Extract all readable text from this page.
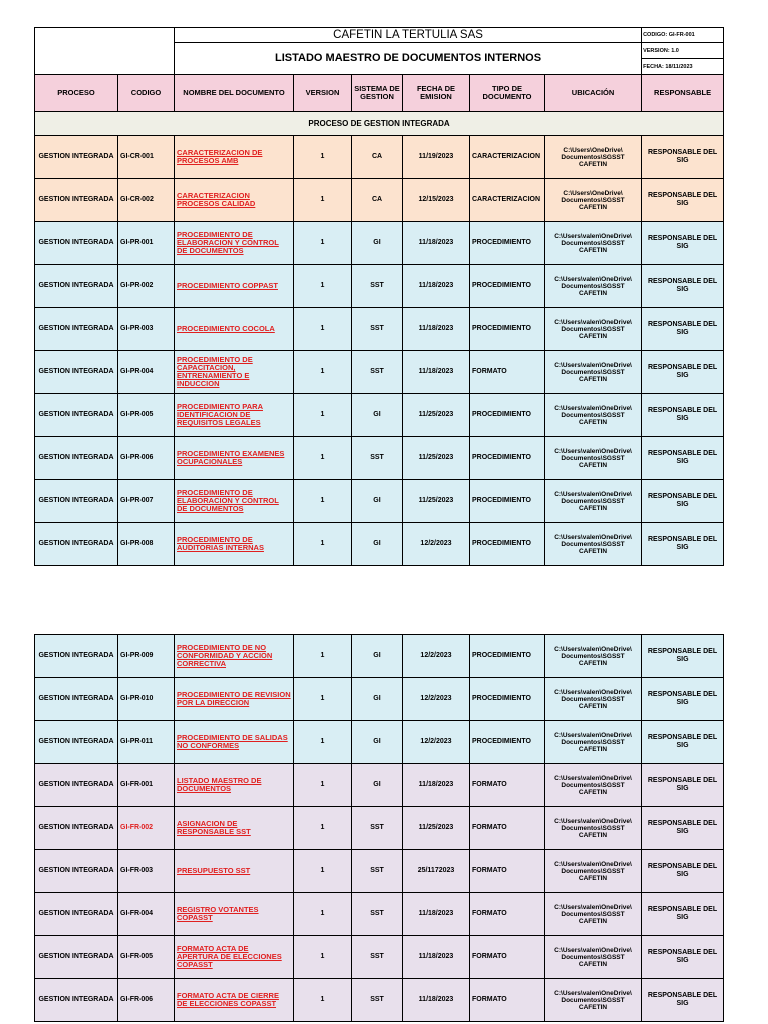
		CAFETIN LA TERTULIA SAS						CODIGO: GI-FR-001
		LISTADO MAESTRO DE DOCUMENTOS INTERNOS						VERSION: 1.0
								FECHA: 18/11/2023
PROCESO	CODIGO	NOMBRE DEL DOCUMENTO	VERSION	SISTEMA DE GESTION	FECHA DE EMISION	TIPO DE DOCUMENTO	UBICACIÓN	RESPONSABLE
PROCESO DE GESTION INTEGRADA								
GESTION INTEGRADA	GI-CR-001	CARACTERIZACION DE PROCESOS AMB	1	CA	11/19/2023	CARACTERIZACION	C:\Users\OneDrive\ Documentos\SGSST CAFETIN	RESPONSABLE DEL SIG
GESTION INTEGRADA	GI-CR-002	CARACTERIZACION PROCESOS CALIDAD	1	CA	12/15/2023	CARACTERIZACION	C:\Users\OneDrive\ Documentos\SGSST CAFETIN	RESPONSABLE DEL SIG
GESTION INTEGRADA	GI-PR-001	PROCEDIMIENTO DE ELABORACION Y CONTROL DE DOCUMENTOS	1	GI	11/18/2023	PROCEDIMIENTO	C:\Users\valen\OneDrive\ Documentos\SGSST CAFETIN	RESPONSABLE DEL SIG
GESTION INTEGRADA	GI-PR-002	PROCEDIMIENTO COPPAST	1	SST	11/18/2023	PROCEDIMIENTO	C:\Users\valen\OneDrive\ Documentos\SGSST CAFETIN	RESPONSABLE DEL SIG
GESTION INTEGRADA	GI-PR-003	PROCEDIMIENTO COCOLA	1	SST	11/18/2023	PROCEDIMIENTO	C:\Users\valen\OneDrive\ Documentos\SGSST CAFETIN	RESPONSABLE DEL SIG
GESTION INTEGRADA	GI-PR-004	PROCEDIMIENTO DE CAPACITACION, ENTRENAMIENTO E INDUCCION	1	SST	11/18/2023	FORMATO	C:\Users\valen\OneDrive\ Documentos\SGSST CAFETIN	RESPONSABLE DEL SIG
GESTION INTEGRADA	GI-PR-005	PROCEDIMIENTO PARA IDENTIFICACION DE REQUISITOS LEGALES	1	GI	11/25/2023	PROCEDIMIENTO	C:\Users\valen\OneDrive\ Documentos\SGSST CAFETIN	RESPONSABLE DEL SIG
GESTION INTEGRADA	GI-PR-006	PROCEDIMIENTO EXAMENES OCUPACIONALES	1	SST	11/25/2023	PROCEDIMIENTO	C:\Users\valen\OneDrive\ Documentos\SGSST CAFETIN	RESPONSABLE DEL SIG
GESTION INTEGRADA	GI-PR-007	PROCEDIMIENTO DE ELABORACION Y CONTROL DE DOCUMENTOS	1	GI	11/25/2023	PROCEDIMIENTO	C:\Users\valen\OneDrive\ Documentos\SGSST CAFETIN	RESPONSABLE DEL SIG
GESTION INTEGRADA	GI-PR-008	PROCEDIMIENTO DE AUDITORIAS INTERNAS	1	GI	12/2/2023	PROCEDIMIENTO	C:\Users\valen\OneDrive\ Documentos\SGSST CAFETIN	RESPONSABLE DEL SIG
GESTION INTEGRADA	GI-PR-009	PROCEDIMIENTO DE NO CONFORMIDAD Y ACCION CORRECTIVA	1	GI	12/2/2023	PROCEDIMIENTO	C:\Users\valen\OneDrive\ Documentos\SGSST CAFETIN	RESPONSABLE DEL SIG
GESTION INTEGRADA	GI-PR-010	PROCEDIMIENTO DE REVISION POR LA DIRECCION	1	GI	12/2/2023	PROCEDIMIENTO	C:\Users\valen\OneDrive\ Documentos\SGSST CAFETIN	RESPONSABLE DEL SIG
GESTION INTEGRADA	GI-PR-011	PROCEDIMIENTO DE SALIDAS NO CONFORMES	1	GI	12/2/2023	PROCEDIMIENTO	C:\Users\valen\OneDrive\ Documentos\SGSST CAFETIN	RESPONSABLE DEL SIG
GESTION INTEGRADA	GI-FR-001	LISTADO MAESTRO DE DOCUMENTOS	1	GI	11/18/2023	FORMATO	C:\Users\valen\OneDrive\ Documentos\SGSST CAFETIN	RESPONSABLE DEL SIG
GESTION INTEGRADA	GI-FR-002	ASIGNACION DE RESPONSABLE SST	1	SST	11/25/2023	FORMATO	C:\Users\valen\OneDrive\ Documentos\SGSST CAFETIN	RESPONSABLE DEL SIG
GESTION INTEGRADA	GI-FR-003	PRESUPUESTO SST	1	SST	25/1172023	FORMATO	C:\Users\valen\OneDrive\ Documentos\SGSST CAFETIN	RESPONSABLE DEL SIG
GESTION INTEGRADA	GI-FR-004	REGISTRO VOTANTES COPASST	1	SST	11/18/2023	FORMATO	C:\Users\valen\OneDrive\ Documentos\SGSST CAFETIN	RESPONSABLE DEL SIG
GESTION INTEGRADA	GI-FR-005	FORMATO ACTA DE APERTURA DE ELECCIONES COPASST	1	SST	11/18/2023	FORMATO	C:\Users\valen\OneDrive\ Documentos\SGSST CAFETIN	RESPONSABLE DEL SIG
GESTION INTEGRADA	GI-FR-006	FORMATO ACTA DE CIERRE DE ELECCIONES COPASST	1	SST	11/18/2023	FORMATO	C:\Users\valen\OneDrive\ Documentos\SGSST CAFETIN	RESPONSABLE DEL SIG
